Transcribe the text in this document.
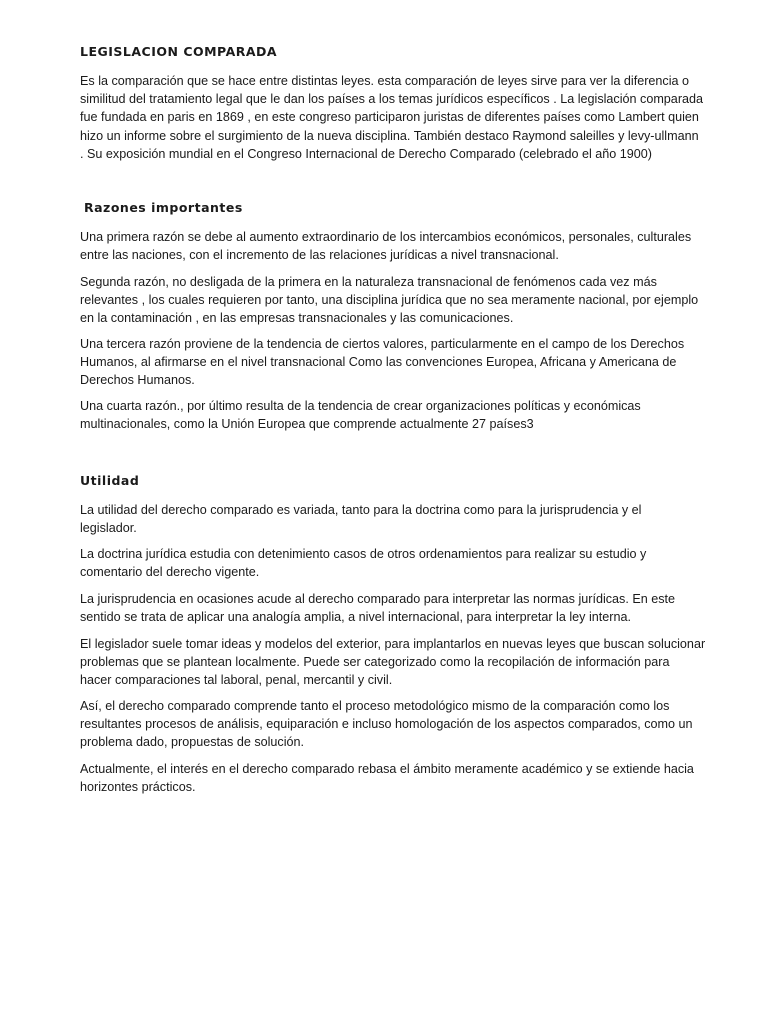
LEGISLACION COMPARADA

Es la comparación que se hace entre distintas leyes. esta comparación de leyes sirve para ver la diferencia o
similitud del tratamiento legal que le dan los países a los temas jurídicos específicos . La legislación comparada
fue fundada en paris en 1869 , en este congreso participaron juristas de diferentes países como Lambert quien
hizo un informe sobre el surgimiento de la nueva disciplina. También destaco Raymond saleilles y levy-ullmann
. Su exposición mundial en el Congreso Internacional de Derecho Comparado (celebrado el año 1900)

Razones importantes

Una primera razón se debe al aumento extraordinario de los intercambios económicos, personales, culturales
entre las naciones, con el incremento de las relaciones jurídicas a nivel transnacional.

Segunda razón, no desligada de la primera en la naturaleza transnacional de fenómenos cada vez más
relevantes , los cuales requieren por tanto, una disciplina jurídica que no sea meramente nacional, por ejemplo
en la contaminación , en las empresas transnacionales y las comunicaciones.

Una tercera razón proviene de la tendencia de ciertos valores, particularmente en el campo de los Derechos
Humanos, al afirmarse en el nivel transnacional Como las convenciones Europea, Africana y Americana de
Derechos Humanos.

Una cuarta razón., por último resulta de la tendencia de crear organizaciones políticas y económicas
multinacionales, como la Unión Europea que comprende actualmente 27 países3

Utilidad

La utilidad del derecho comparado es variada, tanto para la doctrina como para la jurisprudencia y el
legislador.

La doctrina jurídica estudia con detenimiento casos de otros ordenamientos para realizar su estudio y
comentario del derecho vigente.

La jurisprudencia en ocasiones acude al derecho comparado para interpretar las normas jurídicas. En este
sentido se trata de aplicar una analogía amplia, a nivel internacional, para interpretar la ley interna.

El legislador suele tomar ideas y modelos del exterior, para implantarlos en nuevas leyes que buscan solucionar
problemas que se plantean localmente. Puede ser categorizado como la recopilación de información para
hacer comparaciones tal laboral, penal, mercantil y civil.

Así, el derecho comparado comprende tanto el proceso metodológico mismo de la comparación como los
resultantes procesos de análisis, equiparación e incluso homologación de los aspectos comparados, como un
problema dado, propuestas de solución.

Actualmente, el interés en el derecho comparado rebasa el ámbito meramente académico y se extiende hacia
horizontes prácticos.
